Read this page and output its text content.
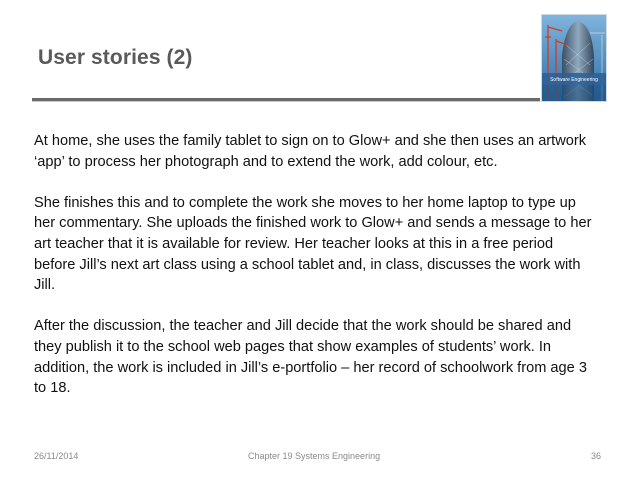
User stories (2)
Software Engineering

At home, she uses the family tablet to sign on to Glow+ and she then uses an artwork ‘app’ to process her photograph and to extend the work, add colour, etc.

She finishes this and to complete the work she moves to her home laptop to type up her commentary. She uploads the finished work to Glow+ and sends a message to her art teacher that it is available for review. Her teacher looks at this in a free period before Jill’s next art class using a school tablet and, in class, discusses the work with Jill.

After the discussion, the teacher and Jill decide that the work should be shared and they publish it to the school web pages that show examples of students’ work. In addition, the work is included in Jill’s e-portfolio – her record of schoolwork from age 3 to 18.

26/11/2014	Chapter 19 Systems Engineering	36
